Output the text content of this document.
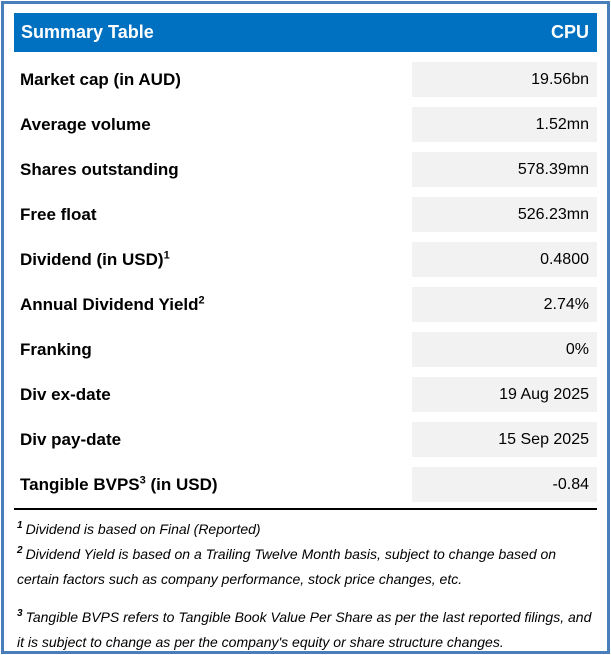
Summary Table	CPU
Market cap (in AUD)	19.56bn
Average volume	1.52mn
Shares outstanding	578.39mn
Free float	526.23mn
Dividend (in USD)$^1$	0.4800
Annual Dividend Yield$^2$	2.74%
Franking	0%
Div ex-date	19 Aug 2025
Div pay-date	15 Sep 2025
Tangible BVPS$^3$ (in USD)	-0.84

$^1$ Dividend is based on Final (Reported)

$^2$ Dividend Yield is based on a Trailing Twelve Month basis, subject to change based on certain factors such as company performance, stock price changes, etc.

$^3$ Tangible BVPS refers to Tangible Book Value Per Share as per the last reported filings, and it is subject to change as per the company's equity or share structure changes.
